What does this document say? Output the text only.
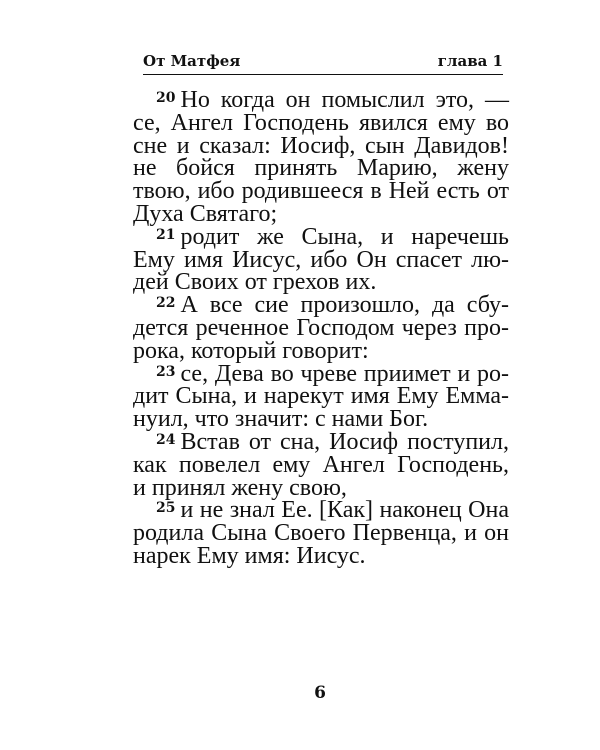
От Матфея	глава 1
$^{20}$ Но когда он помыслил это, —
се, Ангел Господень явился ему во
сне и сказал: Иосиф, сын Давидов!
не бойся принять Марию, жену
твою, ибо родившееся в Ней есть от
Духа Святаго;
$^{21}$ родит же Сына, и наречешь
Ему имя Иисус, ибо Он спасет лю-
дей Своих от грехов их.
$^{22}$ А все сие произошло, да сбу-
дется реченное Господом через про-
рока, который говорит:
$^{23}$ се, Дева во чреве приимет и ро-
дит Сына, и нарекут имя Ему Емма-
нуил, что значит: с нами Бог.
$^{24}$ Встав от сна, Иосиф поступил,
как повелел ему Ангел Господень,
и принял жену свою,
$^{25}$ и не знал Ее. [Как] наконец Она
родила Сына Своего Первенца, и он
нарек Ему имя: Иисус.
6
